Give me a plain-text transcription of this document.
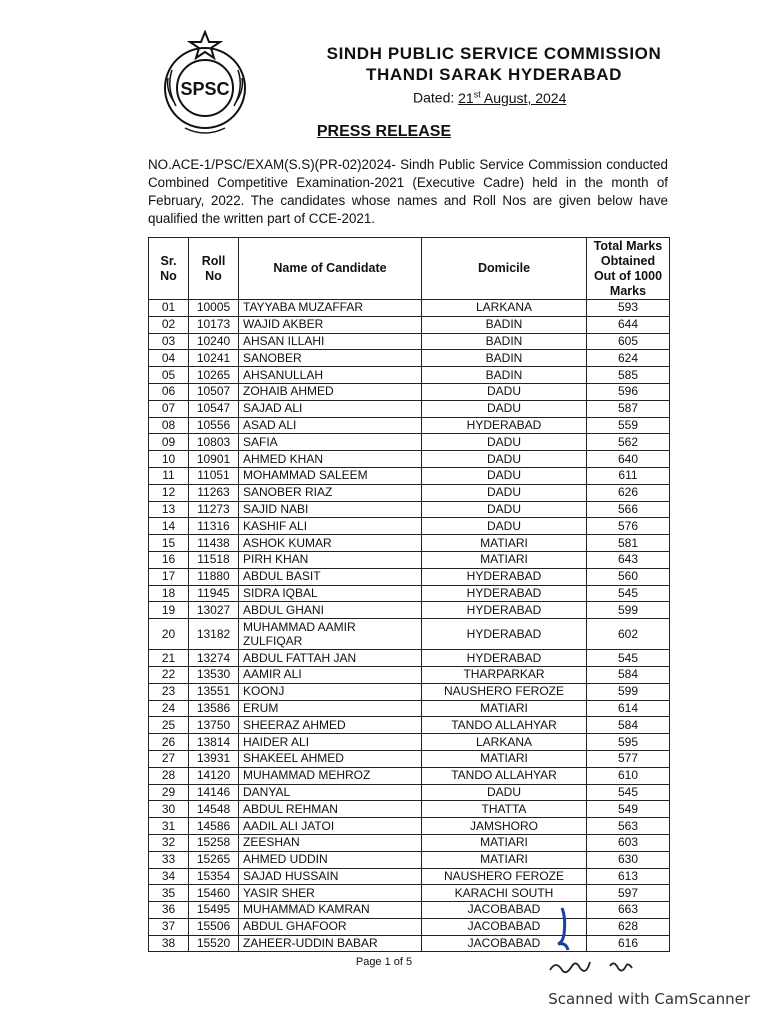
SPSC
SINDH PUBLIC SERVICE COMMISSION
THANDI SARAK HYDERABAD
Dated: 21st August, 2024
PRESS RELEASE

NO.ACE-1/PSC/EXAM(S.S)(PR-02)2024- Sindh Public Service Commission conducted Combined Competitive Examination-2021 (Executive Cadre) held in the month of February, 2022. The candidates whose names and Roll Nos are given below have qualified the written part of CCE-2021.

Sr. No	Roll No	Name of Candidate	Domicile	Total Marks Obtained Out of 1000 Marks
01	10005	TAYYABA MUZAFFAR	LARKANA	593
02	10173	WAJID AKBER	BADIN	644
03	10240	AHSAN ILLAHI	BADIN	605
04	10241	SANOBER	BADIN	624
05	10265	AHSANULLAH	BADIN	585
06	10507	ZOHAIB AHMED	DADU	596
07	10547	SAJAD ALI	DADU	587
08	10556	ASAD ALI	HYDERABAD	559
09	10803	SAFIA	DADU	562
10	10901	AHMED KHAN	DADU	640
11	11051	MOHAMMAD SALEEM	DADU	611
12	11263	SANOBER RIAZ	DADU	626
13	11273	SAJID NABI	DADU	566
14	11316	KASHIF ALI	DADU	576
15	11438	ASHOK KUMAR	MATIARI	581
16	11518	PIRH KHAN	MATIARI	643
17	11880	ABDUL BASIT	HYDERABAD	560
18	11945	SIDRA IQBAL	HYDERABAD	545
19	13027	ABDUL GHANI	HYDERABAD	599
20	13182	MUHAMMAD AAMIR ZULFIQAR	HYDERABAD	602
21	13274	ABDUL FATTAH JAN	HYDERABAD	545
22	13530	AAMIR ALI	THARPARKAR	584
23	13551	KOONJ	NAUSHERO FEROZE	599
24	13586	ERUM	MATIARI	614
25	13750	SHEERAZ AHMED	TANDO ALLAHYAR	584
26	13814	HAIDER ALI	LARKANA	595
27	13931	SHAKEEL AHMED	MATIARI	577
28	14120	MUHAMMAD MEHROZ	TANDO ALLAHYAR	610
29	14146	DANYAL	DADU	545
30	14548	ABDUL REHMAN	THATTA	549
31	14586	AADIL ALI JATOI	JAMSHORO	563
32	15258	ZEESHAN	MATIARI	603
33	15265	AHMED UDDIN	MATIARI	630
34	15354	SAJAD HUSSAIN	NAUSHERO FEROZE	613
35	15460	YASIR SHER	KARACHI SOUTH	597
36	15495	MUHAMMAD KAMRAN	JACOBABAD	663
37	15506	ABDUL GHAFOOR	JACOBABAD	628
38	15520	ZAHEER-UDDIN BABAR	JACOBABAD	616
Page 1 of 5
Scanned with CamScanner
